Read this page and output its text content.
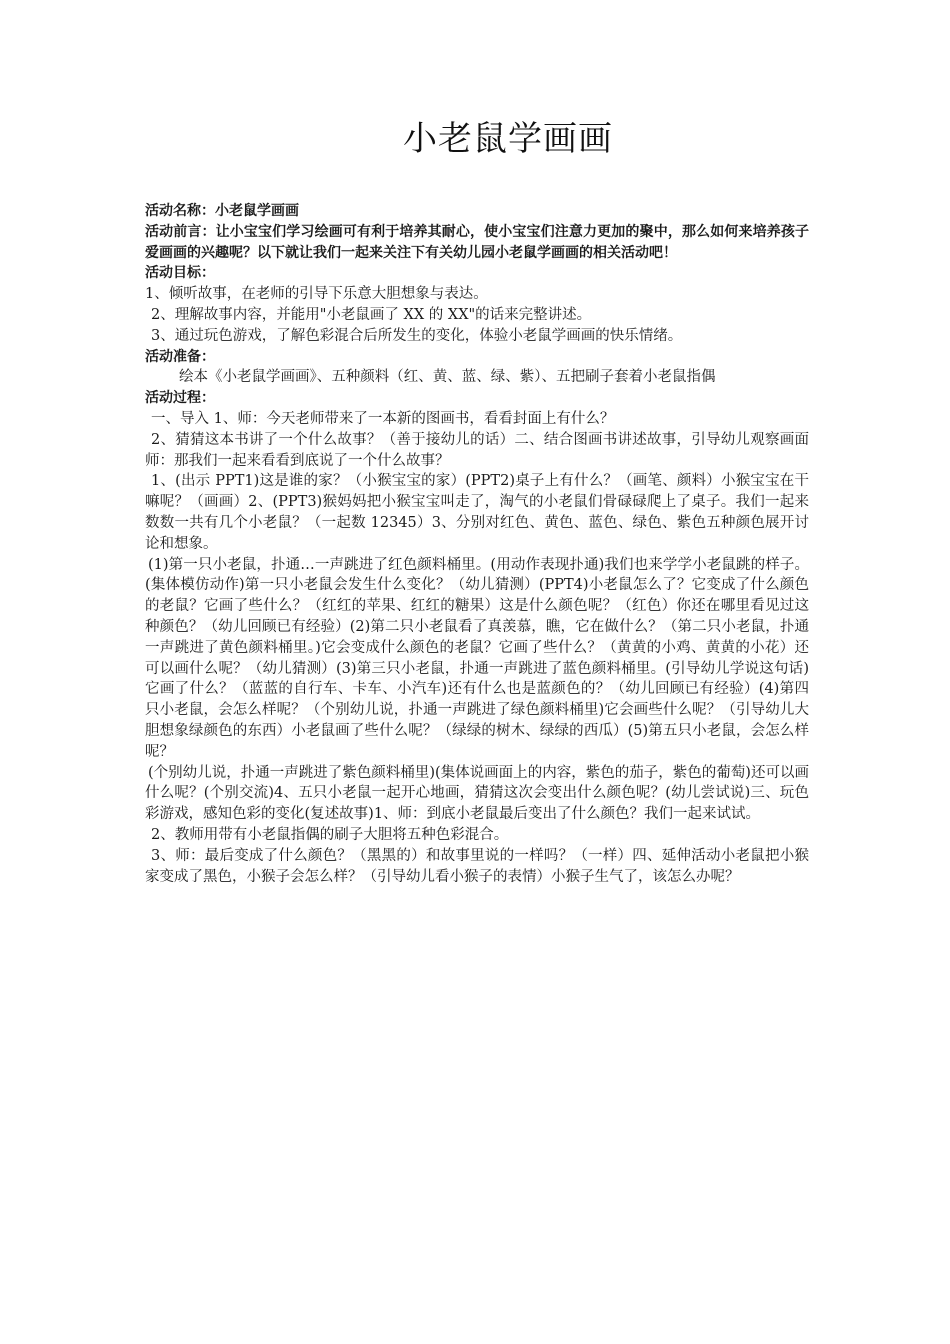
小老鼠学画画

活动名称：小老鼠学画画

活动前言：让小宝宝们学习绘画可有利于培养其耐心，使小宝宝们注意力更加的聚中，那么如何来培养孩子爱画画的兴趣呢？以下就让我们一起来关注下有关幼儿园小老鼠学画画的相关活动吧！

活动目标：

1、倾听故事，在老师的引导下乐意大胆想象与表达。

2、理解故事内容，并能用"小老鼠画了 XX 的 XX"的话来完整讲述。

3、通过玩色游戏，了解色彩混合后所发生的变化，体验小老鼠学画画的快乐情绪。

活动准备：

绘本《小老鼠学画画》、五种颜料（红、黄、蓝、绿、紫）、五把刷子套着小老鼠指偶

活动过程：

一、导入 1、师：今天老师带来了一本新的图画书，看看封面上有什么？

2、猜猜这本书讲了一个什么故事？（善于接幼儿的话）二、结合图画书讲述故事，引导幼儿观察画面师：那我们一起来看看到底说了一个什么故事？

1、(出示 PPT1)这是谁的家？（小猴宝宝的家）(PPT2)桌子上有什么？（画笔、颜料）小猴宝宝在干嘛呢？（画画）2、(PPT3)猴妈妈把小猴宝宝叫走了，淘气的小老鼠们骨碌碌爬上了桌子。我们一起来数数一共有几个小老鼠？（一起数 12345）3、分别对红色、黄色、蓝色、绿色、紫色五种颜色展开讨论和想象。

(1)第一只小老鼠，扑通…一声跳进了红色颜料桶里。(用动作表现扑通)我们也来学学小老鼠跳的样子。(集体模仿动作)第一只小老鼠会发生什么变化？（幼儿猜测）(PPT4)小老鼠怎么了？它变成了什么颜色的老鼠？它画了些什么？（红红的苹果、红红的糖果）这是什么颜色呢？（红色）你还在哪里看见过这种颜色？（幼儿回顾已有经验）(2)第二只小老鼠看了真羡慕，瞧，它在做什么？（第二只小老鼠，扑通一声跳进了黄色颜料桶里。)它会变成什么颜色的老鼠？它画了些什么？（黄黄的小鸡、黄黄的小花）还可以画什么呢？（幼儿猜测）(3)第三只小老鼠，扑通一声跳进了蓝色颜料桶里。(引导幼儿学说这句话)它画了什么？（蓝蓝的自行车、卡车、小汽车)还有什么也是蓝颜色的？（幼儿回顾已有经验）(4)第四只小老鼠，会怎么样呢？（个别幼儿说，扑通一声跳进了绿色颜料桶里)它会画些什么呢？（引导幼儿大胆想象绿颜色的东西）小老鼠画了些什么呢？（绿绿的树木、绿绿的西瓜）(5)第五只小老鼠，会怎么样呢？

(个别幼儿说，扑通一声跳进了紫色颜料桶里)(集体说画面上的内容，紫色的茄子，紫色的葡萄)还可以画什么呢？(个别交流)4、五只小老鼠一起开心地画，猜猜这次会变出什么颜色呢？(幼儿尝试说)三、玩色彩游戏，感知色彩的变化(复述故事)1、师：到底小老鼠最后变出了什么颜色？我们一起来试试。

2、教师用带有小老鼠指偶的刷子大胆将五种色彩混合。

3、师：最后变成了什么颜色？（黑黑的）和故事里说的一样吗？（一样）四、延伸活动小老鼠把小猴家变成了黑色，小猴子会怎么样？（引导幼儿看小猴子的表情）小猴子生气了，该怎么办呢？
